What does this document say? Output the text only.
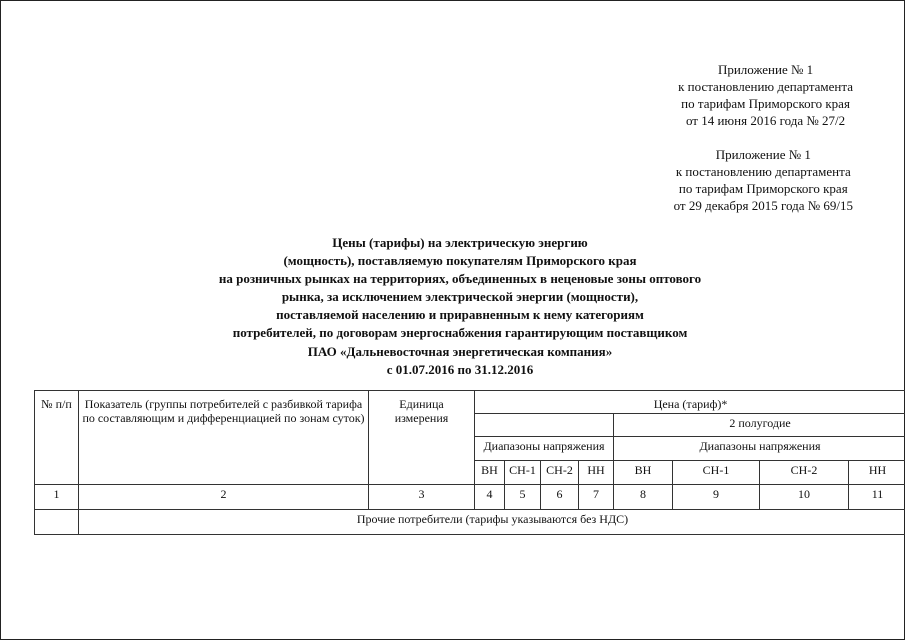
Приложение № 1
к постановлению департамента
по тарифам Приморского края
от 14 июня 2016 года № 27/2
Приложение № 1
к постановлению департамента
по тарифам Приморского края
от 29 декабря 2015 года № 69/15
Цены (тарифы) на электрическую энергию
(мощность), поставляемую покупателям Приморского края
на розничных рынках на территориях, объединенных в неценовые зоны оптового
рынка, за исключением электрической энергии (мощности),
поставляемой населению и приравненным к нему категориям
потребителей, по договорам энергоснабжения гарантирующим поставщиком
ПАО «Дальневосточная энергетическая компания»
с 01.07.2016 по 31.12.2016
№ п/п	Показатель (группы потребителей с разбивкой тарифа по составляющим и дифференциацией по зонам суток)	Единица измерения	Цена (тариф)*							
							2 полугодие			
			Диапазоны напряжения				Диапазоны напряжения			
			ВН	СН-1	СН-2	НН	ВН	СН-1	СН-2	НН
1	2	3	4	5	6	7	8	9	10	11
	Прочие потребители (тарифы указываются без НДС)									
